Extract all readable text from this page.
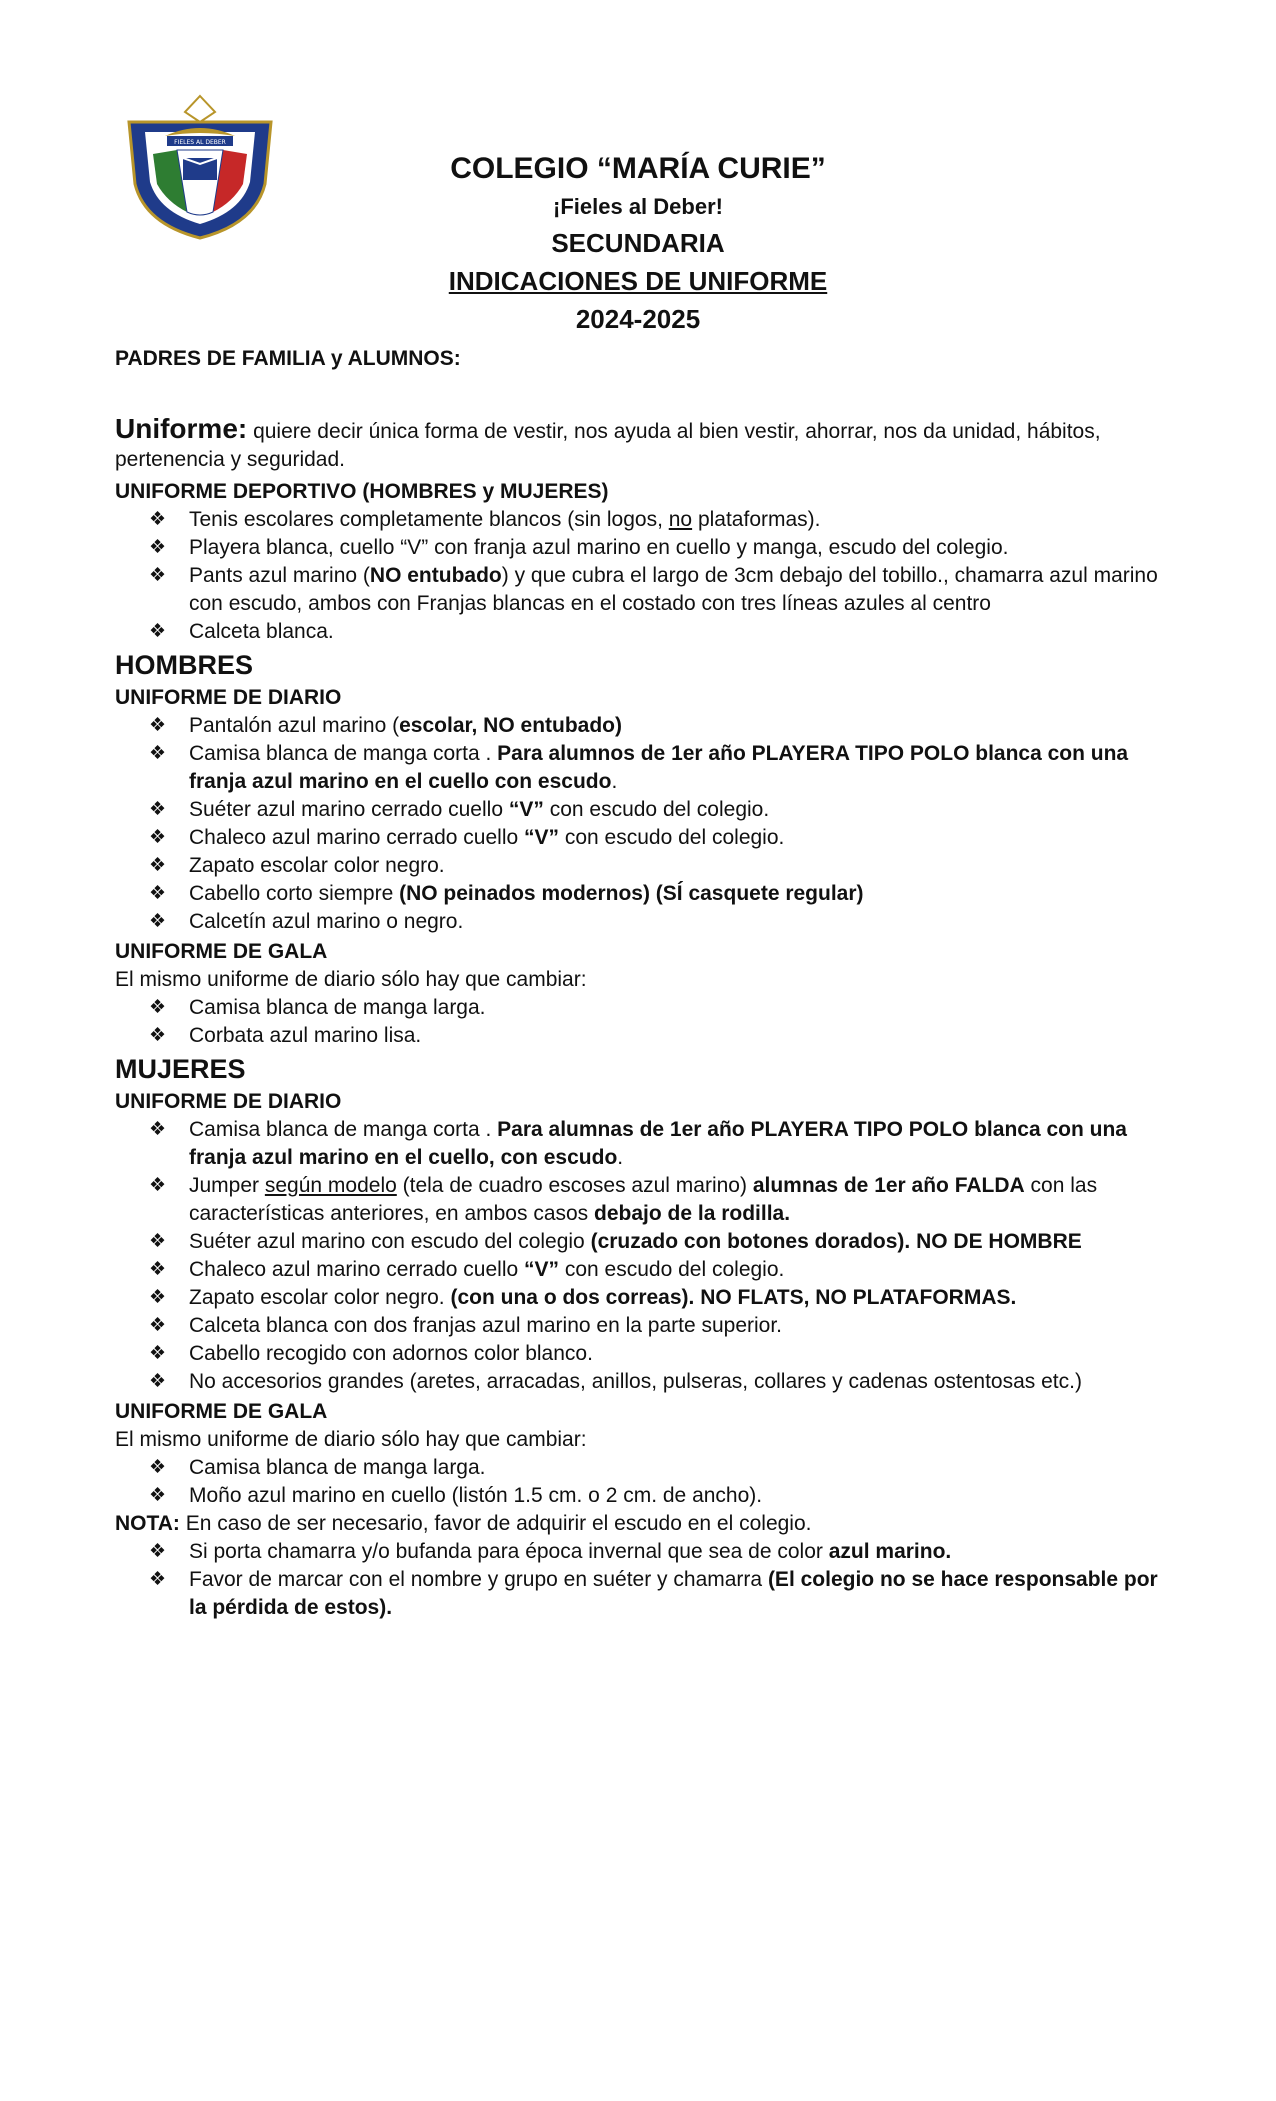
FIELES AL DEBER
COLEGIO “MARÍA CURIE”
¡Fieles al Deber!
SECUNDARIA
INDICACIONES DE UNIFORME
2024-2025
PADRES DE FAMILIA y ALUMNOS:
Uniforme: quiere decir única forma de vestir, nos ayuda al bien vestir, ahorrar, nos da unidad, hábitos, pertenencia y seguridad.
UNIFORME DEPORTIVO (HOMBRES y MUJERES)
❖ Tenis escolares completamente blancos (sin logos, no plataformas).
❖ Playera blanca, cuello “V” con franja azul marino en cuello y manga, escudo del colegio.
❖ Pants azul marino (NO entubado) y que cubra el largo de 3cm debajo del tobillo., chamarra azul marino con escudo, ambos con Franjas blancas en el costado con tres líneas azules al centro
❖ Calceta blanca.
HOMBRES
UNIFORME DE DIARIO
❖ Pantalón azul marino (escolar, NO entubado)
❖ Camisa blanca de manga corta . Para alumnos de 1er año PLAYERA TIPO POLO blanca con una franja azul marino en el cuello con escudo.
❖ Suéter azul marino cerrado cuello “V” con escudo del colegio.
❖ Chaleco azul marino cerrado cuello “V” con escudo del colegio.
❖ Zapato escolar color negro.
❖ Cabello corto siempre (NO peinados modernos) (SÍ casquete regular)
❖ Calcetín azul marino o negro.
UNIFORME DE GALA
El mismo uniforme de diario sólo hay que cambiar:
❖ Camisa blanca de manga larga.
❖ Corbata azul marino lisa.
MUJERES
UNIFORME DE DIARIO
❖ Camisa blanca de manga corta . Para alumnas de 1er año PLAYERA TIPO POLO blanca con una franja azul marino en el cuello, con escudo.
❖ Jumper según modelo (tela de cuadro escoses azul marino) alumnas de 1er año FALDA con las características anteriores, en ambos casos debajo de la rodilla.
❖ Suéter azul marino con escudo del colegio (cruzado con botones dorados). NO DE HOMBRE
❖ Chaleco azul marino cerrado cuello “V” con escudo del colegio.
❖ Zapato escolar color negro. (con una o dos correas). NO FLATS, NO PLATAFORMAS.
❖ Calceta blanca con dos franjas azul marino en la parte superior.
❖ Cabello recogido con adornos color blanco.
❖ No accesorios grandes (aretes, arracadas, anillos, pulseras, collares y cadenas ostentosas etc.)
UNIFORME DE GALA
El mismo uniforme de diario sólo hay que cambiar:
❖ Camisa blanca de manga larga.
❖ Moño azul marino en cuello (listón 1.5 cm. o 2 cm. de ancho).
NOTA: En caso de ser necesario, favor de adquirir el escudo en el colegio.
❖ Si porta chamarra y/o bufanda para época invernal que sea de color azul marino.
❖ Favor de marcar con el nombre y grupo en suéter y chamarra (El colegio no se hace responsable por la pérdida de estos).
